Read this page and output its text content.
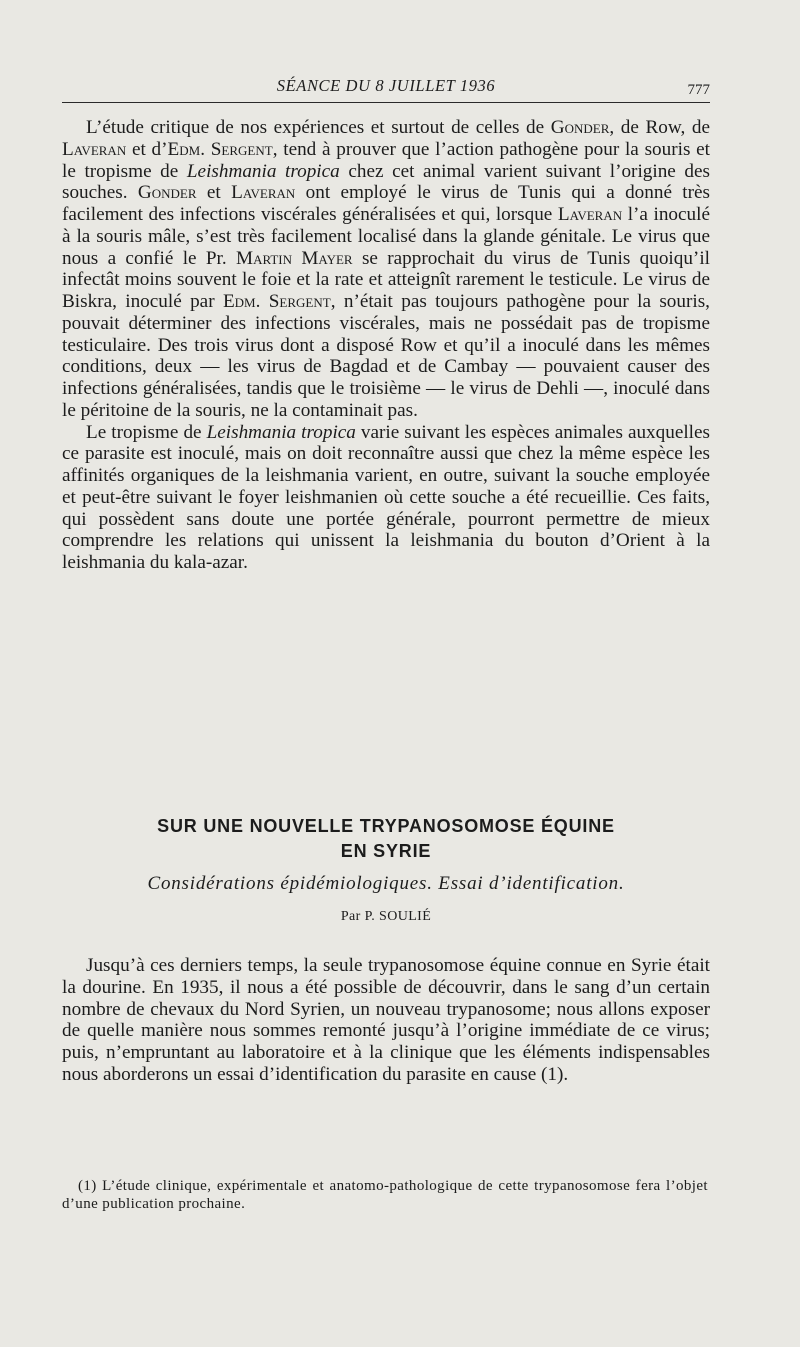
SÉANCE DU 8 JUILLET 1936	777

L’étude critique de nos expériences et surtout de celles de Gonder, de Row, de Laveran et d’Edm. Sergent, tend à prouver que l’action pathogène pour la souris et le tropisme de Leishmania tropica chez cet animal varient suivant l’origine des souches. Gonder et Laveran ont employé le virus de Tunis qui a donné très facilement des infections viscérales généralisées et qui, lorsque Laveran l’a inoculé à la souris mâle, s’est très facilement localisé dans la glande génitale. Le virus que nous a confié le Pr. Martin Mayer se rapprochait du virus de Tunis quoiqu’il infectât moins souvent le foie et la rate et atteignît rarement le testicule. Le virus de Biskra, inoculé par Edm. Sergent, n’était pas toujours pathogène pour la souris, pouvait déterminer des infections viscérales, mais ne possédait pas de tropisme testiculaire. Des trois virus dont a disposé Row et qu’il a inoculé dans les mêmes conditions, deux — les virus de Bagdad et de Cambay — pouvaient causer des infections généralisées, tandis que le troisième — le virus de Dehli —, inoculé dans le péritoine de la souris, ne la contaminait pas.

Le tropisme de Leishmania tropica varie suivant les espèces animales auxquelles ce parasite est inoculé, mais on doit reconnaître aussi que chez la même espèce les affinités organiques de la leishmania varient, en outre, suivant la souche employée et peut-être suivant le foyer leishmanien où cette souche a été recueillie. Ces faits, qui possèdent sans doute une portée générale, pourront permettre de mieux comprendre les relations qui unissent la leishmania du bouton d’Orient à la leishmania du kala-azar.

SUR UNE NOUVELLE TRYPANOSOMOSE ÉQUINE
EN SYRIE
Considérations épidémiologiques. Essai d’identification.
Par P. SOULIÉ

Jusqu’à ces derniers temps, la seule trypanosomose équine connue en Syrie était la dourine. En 1935, il nous a été possible de découvrir, dans le sang d’un certain nombre de chevaux du Nord Syrien, un nouveau trypanosome; nous allons exposer de quelle manière nous sommes remonté jusqu’à l’origine immédiate de ce virus; puis, n’empruntant au laboratoire et à la clinique que les éléments indispensables nous aborderons un essai d’identification du parasite en cause (1).

(1) L’étude clinique, expérimentale et anatomo-pathologique de cette trypanosomose fera l’objet d’une publication prochaine.
